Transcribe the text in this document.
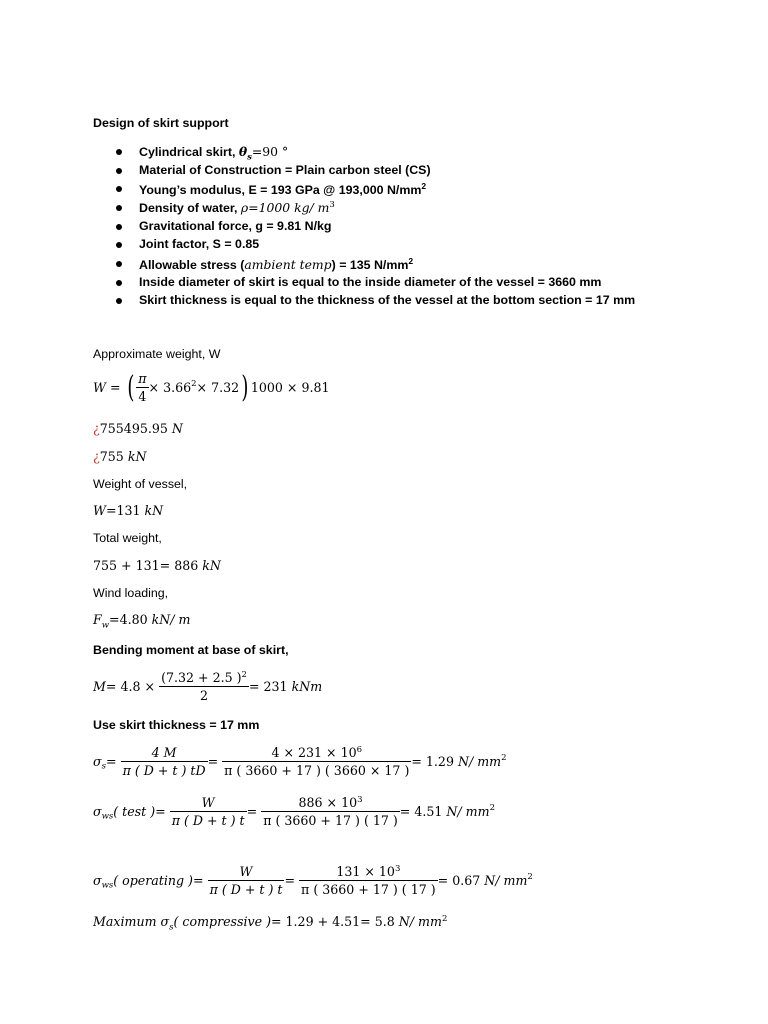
Design of skirt support
Cylindrical skirt, $\theta_s=90$ °
Material of Construction = Plain carbon steel (CS)
Young’s modulus, E = 193 GPa @ 193,000 $N/mm^2$
Density of water, ρ=1000 kg/ $m^3$
Gravitational force, g = 9.81 N/kg
Joint factor, S = 0.85
Allowable stress (ambient temp) = 135 $N/mm^2$
Inside diameter of skirt is equal to the inside diameter of the vessel = 3660 mm
Skirt thickness is equal to the thickness of the vessel at the bottom section = 17 mm
Approximate weight, W
W = ( $\frac{\pi}{4} \times 3.66^2\times 7.32$) 1000 × 9.81
¿755495.95 N
¿755 kN
Weight of vessel,
W=131 kN
Total weight,
755 + 131= 886 kN
Wind loading,
$F_w=4.80$ kN/ m
Bending moment at base of skirt,
$M= 4.8 \times \frac{(7.32 + 2.5 )^2}{2} = 231$ kNm
Use skirt thickness = 17 mm
$\sigma_s= \frac{4 M}{\pi ( D + t ) tD} = \frac{4 \times 231 \times 10^6}{\pi ( 3660 + 17 ) ( 3660 \times 17 )} = 1.29$ N/ $mm^2$
$\sigma_{ws}$( test )= $\frac{W}{\pi ( D + t ) t} = \frac{886 \times 10^3}{\pi ( 3660 + 17 ) ( 17 )} = 4.51$ N/ $mm^2$
$\sigma_{ws}$( operating )= $\frac{W}{\pi ( D + t ) t} = \frac{131 \times 10^3}{\pi ( 3660 + 17 ) ( 17 )} = 0.67$ N/ $mm^2$
Maximum $\sigma_s$( compressive )= 1.29 + 4.51= 5.8 N/ $mm^2$
